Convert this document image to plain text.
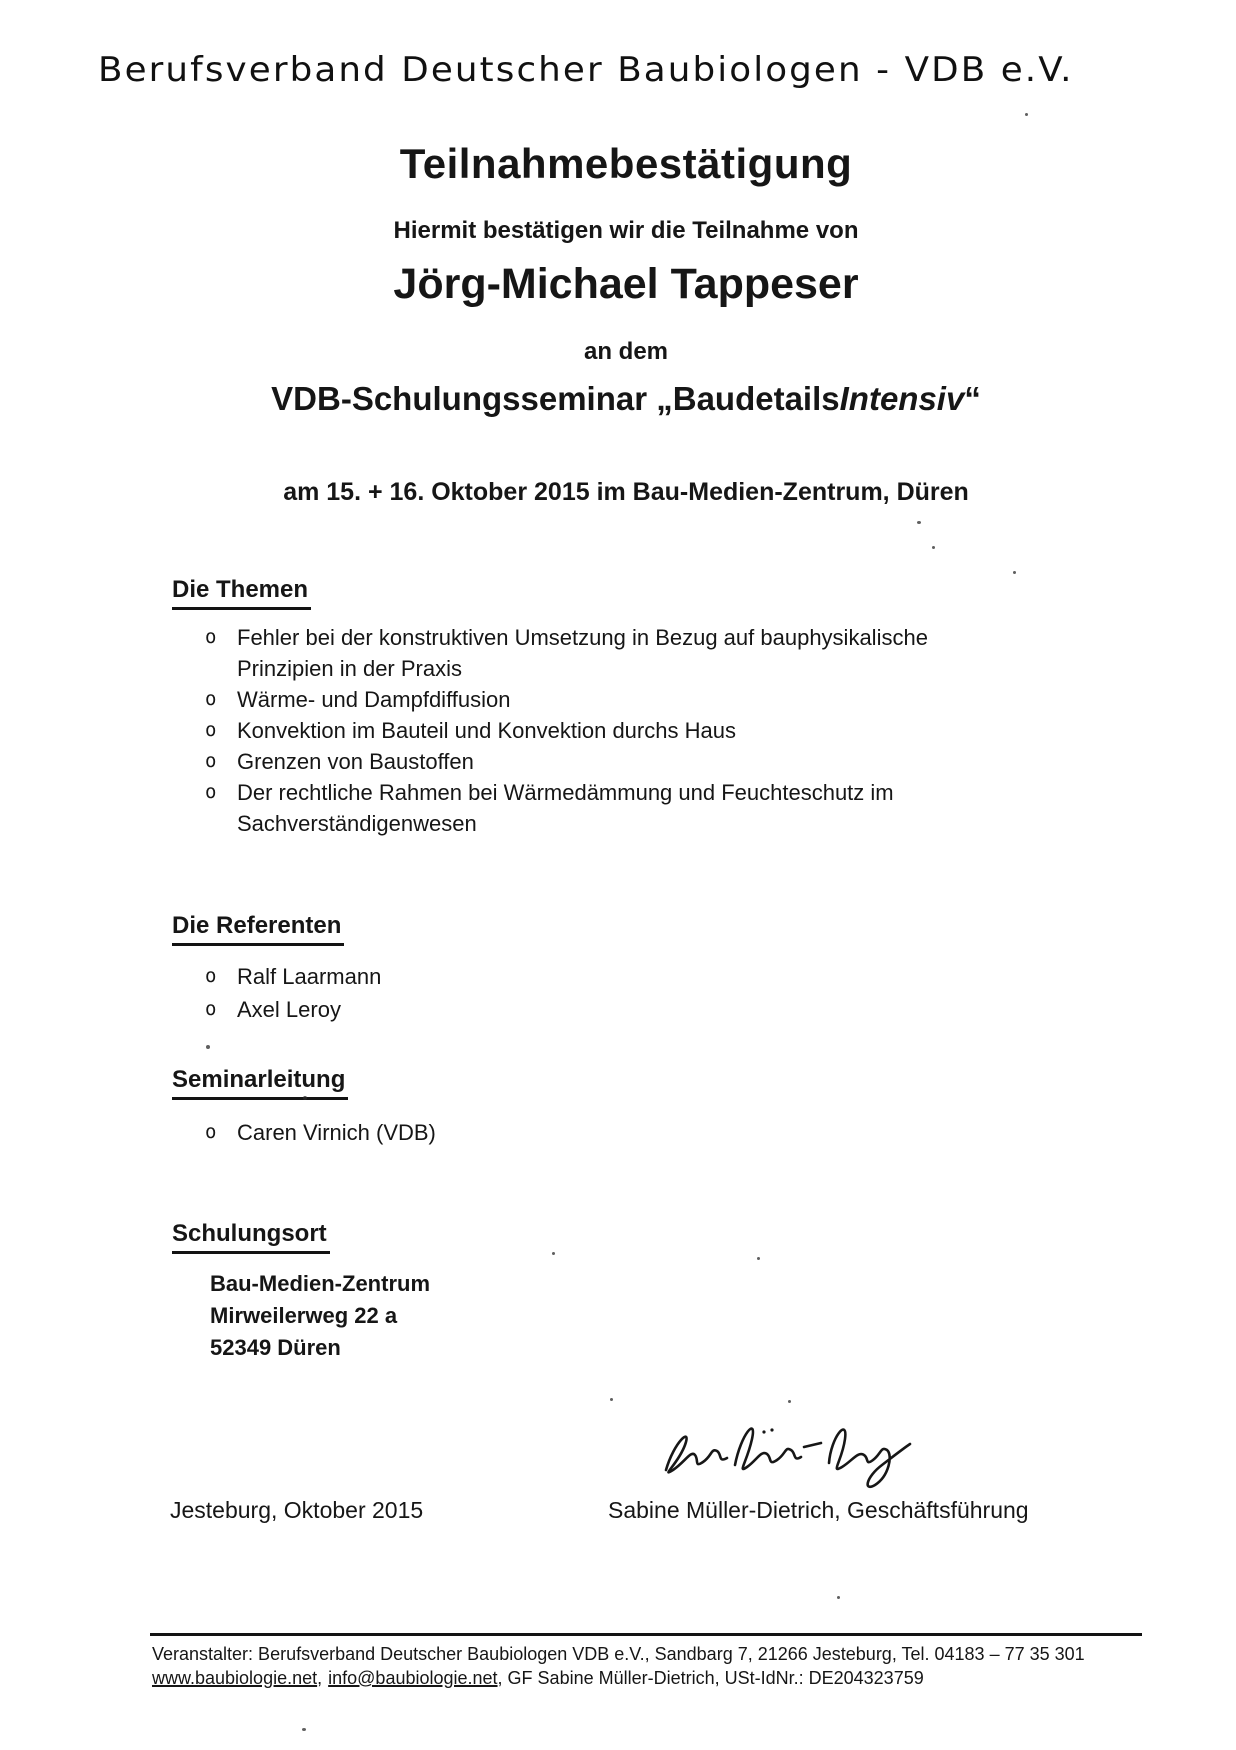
Berufsverband Deutscher Baubiologen - VDB e.V.
Teilnahmebestätigung
Hiermit bestätigen wir die Teilnahme von
Jörg-Michael Tappeser
an dem
VDB-Schulungsseminar „BaudetailsIntensiv“
am 15. + 16. Oktober 2015 im Bau-Medien-Zentrum, Düren
Die Themen
o Fehler bei der konstruktiven Umsetzung in Bezug auf bauphysikalische Prinzipien in der Praxis
o Wärme- und Dampfdiffusion
o Konvektion im Bauteil und Konvektion durchs Haus
o Grenzen von Baustoffen
o Der rechtliche Rahmen bei Wärmedämmung und Feuchteschutz im Sachverständigenwesen
Die Referenten
o Ralf Laarmann
o Axel Leroy
Seminarleitung
o Caren Virnich (VDB)
Schulungsort
Bau-Medien-Zentrum
Mirweilerweg 22 a
52349 Düren
Jesteburg, Oktober 2015	Sabine Müller-Dietrich, Geschäftsführung
Veranstalter: Berufsverband Deutscher Baubiologen VDB e.V., Sandbarg 7, 21266 Jesteburg, Tel. 04183 – 77 35 301
www.baubiologie.net, info@baubiologie.net, GF Sabine Müller-Dietrich, USt-IdNr.: DE204323759
